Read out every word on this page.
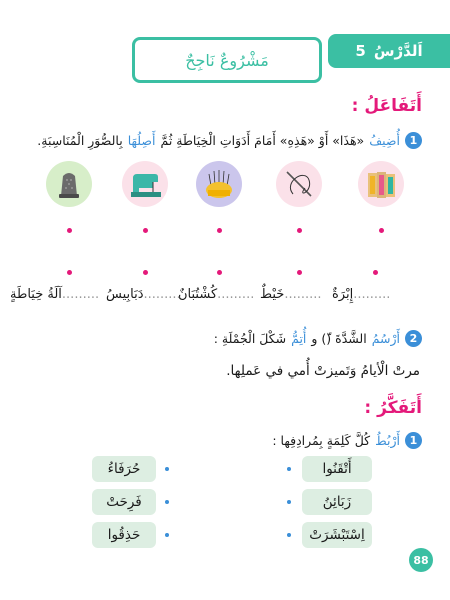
اَلدَّرْسُ
5
مَشْرُوعٌ نَاجِحٌ
أَتَفَاعَلُ :
1
أُضِيفُ
«هَذَا» أَوْ «هَذِهِ» أَمَامَ أَدَوَاتِ الْخِيَاطَةِ ثُمَّ
أَصِلُهَا
بِالصُّوَرِ الْمُنَاسِبَةِ.
.........إِبْرَةٌ
.........خَيْطٌ
.........كُشْتُبَانٌ
.........دَبَابِيسُ
.........آلَةُ خِيَاطَةٍ
2
أَرْسُمُ
الشَّدَّةَ (ّ) و
أُتِمُّ
شَكْلَ الْجُمْلَةِ :
مرتْ الْأيامُ وَتَميزتْ أُمي في عَملِها.
أَتَفَكَّرُ :
1
أَرْبُطُ
كُلَّ كَلِمَةٍ بِمُرادِفِها :
أَتْقَنُوا
زَبَائِنُ
اِسْتَبْشَرَتْ
حُرَفَاءُ
فَرِحَتْ
حَذِقُوا
88
